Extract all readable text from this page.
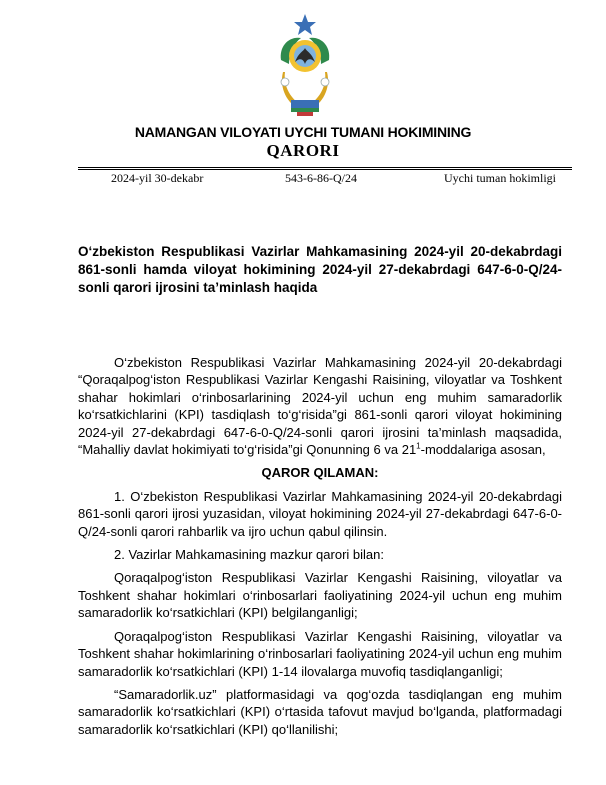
NAMANGAN VILOYATI UYCHI TUMANI HOKIMINING
QARORI
2024-yil 30-dekabr	543-6-86-Q/24	Uychi tuman hokimligi
O‘zbekiston Respublikasi Vazirlar Mahkamasining 2024-yil 20-dekabrdagi 861-sonli hamda viloyat hokimining 2024-yil 27-dekabrdagi 647-6-0-Q/24-sonli qarori ijrosini ta’minlash haqida

O‘zbekiston Respublikasi Vazirlar Mahkamasining 2024-yil 20-dekabrdagi “Qoraqalpog‘iston Respublikasi Vazirlar Kengashi Raisining, viloyatlar va Toshkent shahar hokimlari o‘rinbosarlarining 2024-yil uchun eng muhim samaradorlik ko‘rsatkichlarini (KPI) tasdiqlash to‘g‘risida”gi 861-sonli qarori viloyat hokimining 2024-yil 27-dekabrdagi 647-6-0-Q/24-sonli qarori ijrosini ta’minlash maqsadida, “Mahalliy davlat hokimiyati to‘g‘risida”gi Qonunning 6 va $21^1$-moddalariga asosan,

QAROR QILAMAN:

1. O‘zbekiston Respublikasi Vazirlar Mahkamasining 2024-yil 20-dekabrdagi 861-sonli qarori ijrosi yuzasidan, viloyat hokimining 2024-yil 27-dekabrdagi 647-6-0-Q/24-sonli qarori rahbarlik va ijro uchun qabul qilinsin.

2. Vazirlar Mahkamasining mazkur qarori bilan:

Qoraqalpog‘iston Respublikasi Vazirlar Kengashi Raisining, viloyatlar va Toshkent shahar hokimlari o‘rinbosarlari faoliyatining 2024-yil uchun eng muhim samaradorlik ko‘rsatkichlari (KPI) belgilanganligi;

Qoraqalpog‘iston Respublikasi Vazirlar Kengashi Raisining, viloyatlar va Toshkent shahar hokimlarining o‘rinbosarlari faoliyatining 2024-yil uchun eng muhim samaradorlik ko‘rsatkichlari (KPI) 1-14 ilovalarga muvofiq tasdiqlanganligi;

“Samaradorlik.uz” platformasidagi va qog‘ozda tasdiqlangan eng muhim samaradorlik ko‘rsatkichlari (KPI) o‘rtasida tafovut mavjud bo‘lganda, platformadagi samaradorlik ko‘rsatkichlari (KPI) qo‘llanilishi;
